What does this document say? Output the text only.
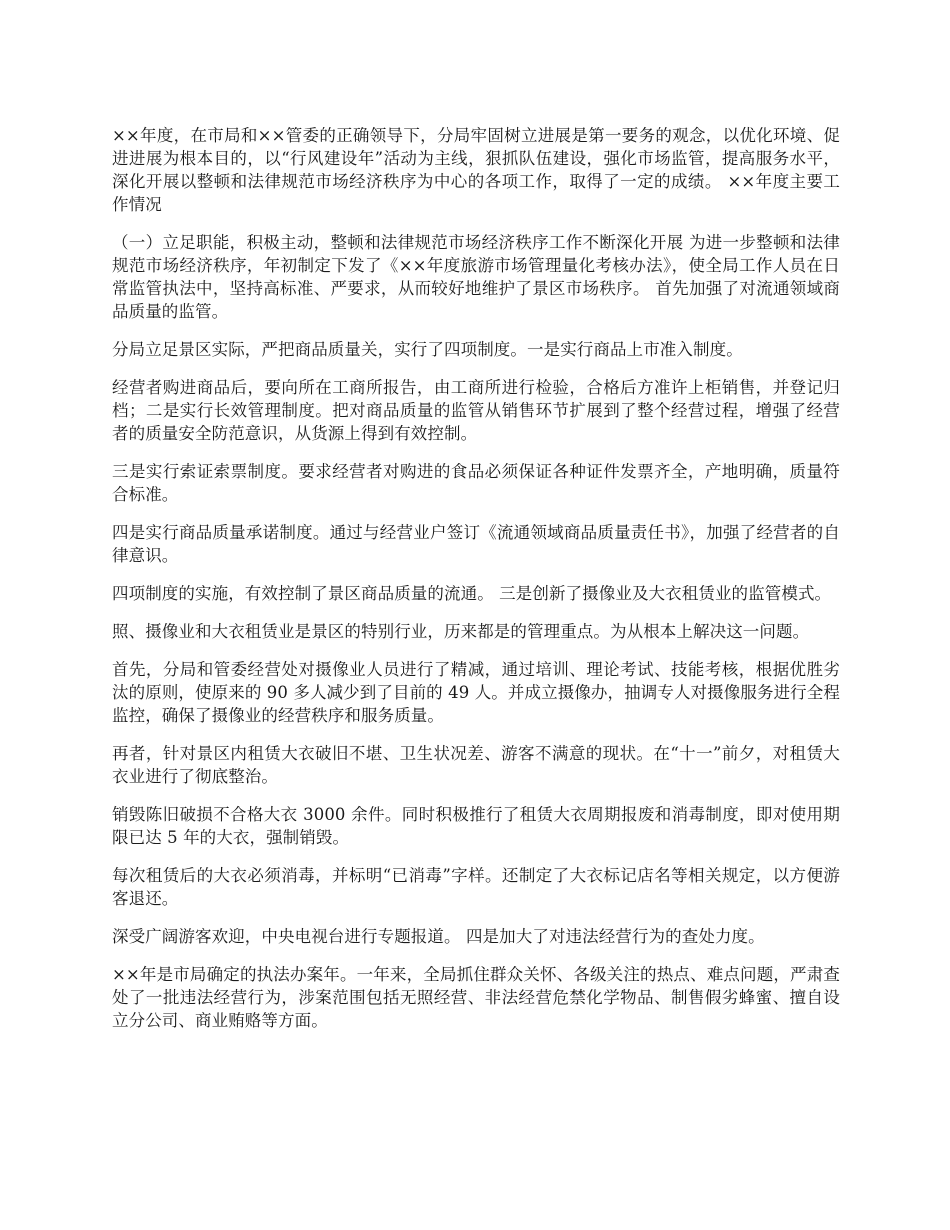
××年度，在市局和××管委的正确领导下，分局牢固树立进展是第一要务的观念，以优化环境、促进进展为根本目的，以“行风建设年”活动为主线，狠抓队伍建设，强化市场监管，提高服务水平，深化开展以整顿和法律规范市场经济秩序为中心的各项工作，取得了一定的成绩。 ××年度主要工作情况

（一）立足职能，积极主动，整顿和法律规范市场经济秩序工作不断深化开展 为进一步整顿和法律规范市场经济秩序，年初制定下发了《××年度旅游市场管理量化考核办法》，使全局工作人员在日常监管执法中，坚持高标准、严要求，从而较好地维护了景区市场秩序。 首先加强了对流通领域商品质量的监管。

分局立足景区实际，严把商品质量关，实行了四项制度。一是实行商品上市准入制度。

经营者购进商品后，要向所在工商所报告，由工商所进行检验，合格后方准许上柜销售，并登记归档；二是实行长效管理制度。把对商品质量的监管从销售环节扩展到了整个经营过程，增强了经营者的质量安全防范意识，从货源上得到有效控制。

三是实行索证索票制度。要求经营者对购进的食品必须保证各种证件发票齐全，产地明确，质量符合标准。

四是实行商品质量承诺制度。通过与经营业户签订《流通领域商品质量责任书》，加强了经营者的自律意识。

四项制度的实施，有效控制了景区商品质量的流通。 三是创新了摄像业及大衣租赁业的监管模式。

照、摄像业和大衣租赁业是景区的特别行业，历来都是的管理重点。为从根本上解决这一问题。

首先，分局和管委经营处对摄像业人员进行了精减，通过培训、理论考试、技能考核，根据优胜劣汰的原则，使原来的 90 多人减少到了目前的 49 人。并成立摄像办，抽调专人对摄像服务进行全程监控，确保了摄像业的经营秩序和服务质量。

再者，针对景区内租赁大衣破旧不堪、卫生状况差、游客不满意的现状。在“十一”前夕，对租赁大衣业进行了彻底整治。

销毁陈旧破损不合格大衣 3000 余件。同时积极推行了租赁大衣周期报废和消毒制度，即对使用期限已达 5 年的大衣，强制销毁。

每次租赁后的大衣必须消毒，并标明“已消毒”字样。还制定了大衣标记店名等相关规定，以方便游客退还。

深受广阔游客欢迎，中央电视台进行专题报道。 四是加大了对违法经营行为的查处力度。

××年是市局确定的执法办案年。一年来，全局抓住群众关怀、各级关注的热点、难点问题，严肃查处了一批违法经营行为，涉案范围包括无照经营、非法经营危禁化学物品、制售假劣蜂蜜、擅自设立分公司、商业贿赂等方面。
